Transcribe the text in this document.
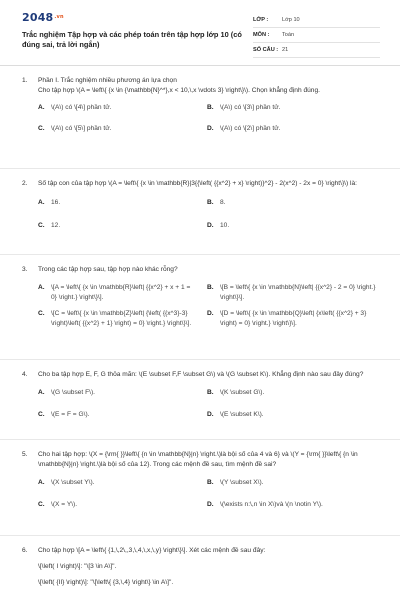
2048.vn
Trắc nghiệm Tập hợp và các phép toán trên tập hợp lớp 10 (có đúng sai, trả lời ngắn)
LỚP :	Lớp 10
MÔN :	Toán
SỐ CÂU : 21
1. Phần I. Trắc nghiệm nhiều phương án lựa chọn
Cho tập hợp \(A = \left\{ {x \in {\mathbb{N}^*},x < 10,\,x \vdots 3} \right\}\). Chọn khẳng định đúng.
A. \(A\) có \[4\] phần tử.	B. \(A\) có \[3\] phần tử.
C. \(A\) có \[5\] phần tử.	D. \(A\) có \[2\] phần tử.
2. Số tập con của tập hợp \(A = \left\{ {x \in \mathbb{R}|3{{\left( {{x^2} + x} \right)}^2} - 2(x^2) - 2x = 0} \right\}\) là:
A. 16.	B. 8.
C. 12.	D. 10.
3. Trong các tập hợp sau, tập hợp nào khác rỗng?
A. \[A = \left\{ {x \in \mathbb{R}\left| {{x^2} + x + 1 = 0} \right.} \right\}\].
B. \[B = \left\{ {x \in \mathbb{N}\left| {{x^2} - 2 = 0} \right.} \right\}\].
C. \[C = \left\{ {x \in \mathbb{Z}\left| {\left( {{x^3}-3} \right)\left( {{x^2} + 1} \right) = 0} \right.} \right\}\].
D. \[D = \left\{ {x \in \mathbb{Q}\left| {x\left( {{x^2} + 3} \right) = 0} \right.} \right\}\].
4. Cho ba tập hợp E, F, G thỏa mãn: \(E \subset F,F \subset G\) và \(G \subset K\). Khẳng định nào sau đây đúng?
A. \(G \subset F\).	B. \(K \subset G\).
C. \(E = F = G\).	D. \(E \subset K\).
5. Cho hai tập hợp: \(X = {\rm{ }}\left\{ {n \in \mathbb{N}|n} \right.\)là bội số của 4 và 6} và \(Y = {\rm{ }}\left\{ {n \in \mathbb{N}|n} \right.\)là bội số của 12}. Trong các mệnh đề sau, tìm mệnh đề sai?
A. \(X \subset Y\).	B. \(Y \subset X\).
C. \(X = Y\).	D. \(\exists n:\,n \in X\)và \(n \notin Y\).
6. Cho tập hợp \[A = \left\{ {1,\,2\,,3,\,4,\,x,\,y} \right\}\]. Xét các mệnh đề sau đây:
\[\left( I \right)\]: "\[3 \in A\]".
\[\left( {II} \right)\]: "\[\left\{ {3,\,4} \right\} \in A\]".
